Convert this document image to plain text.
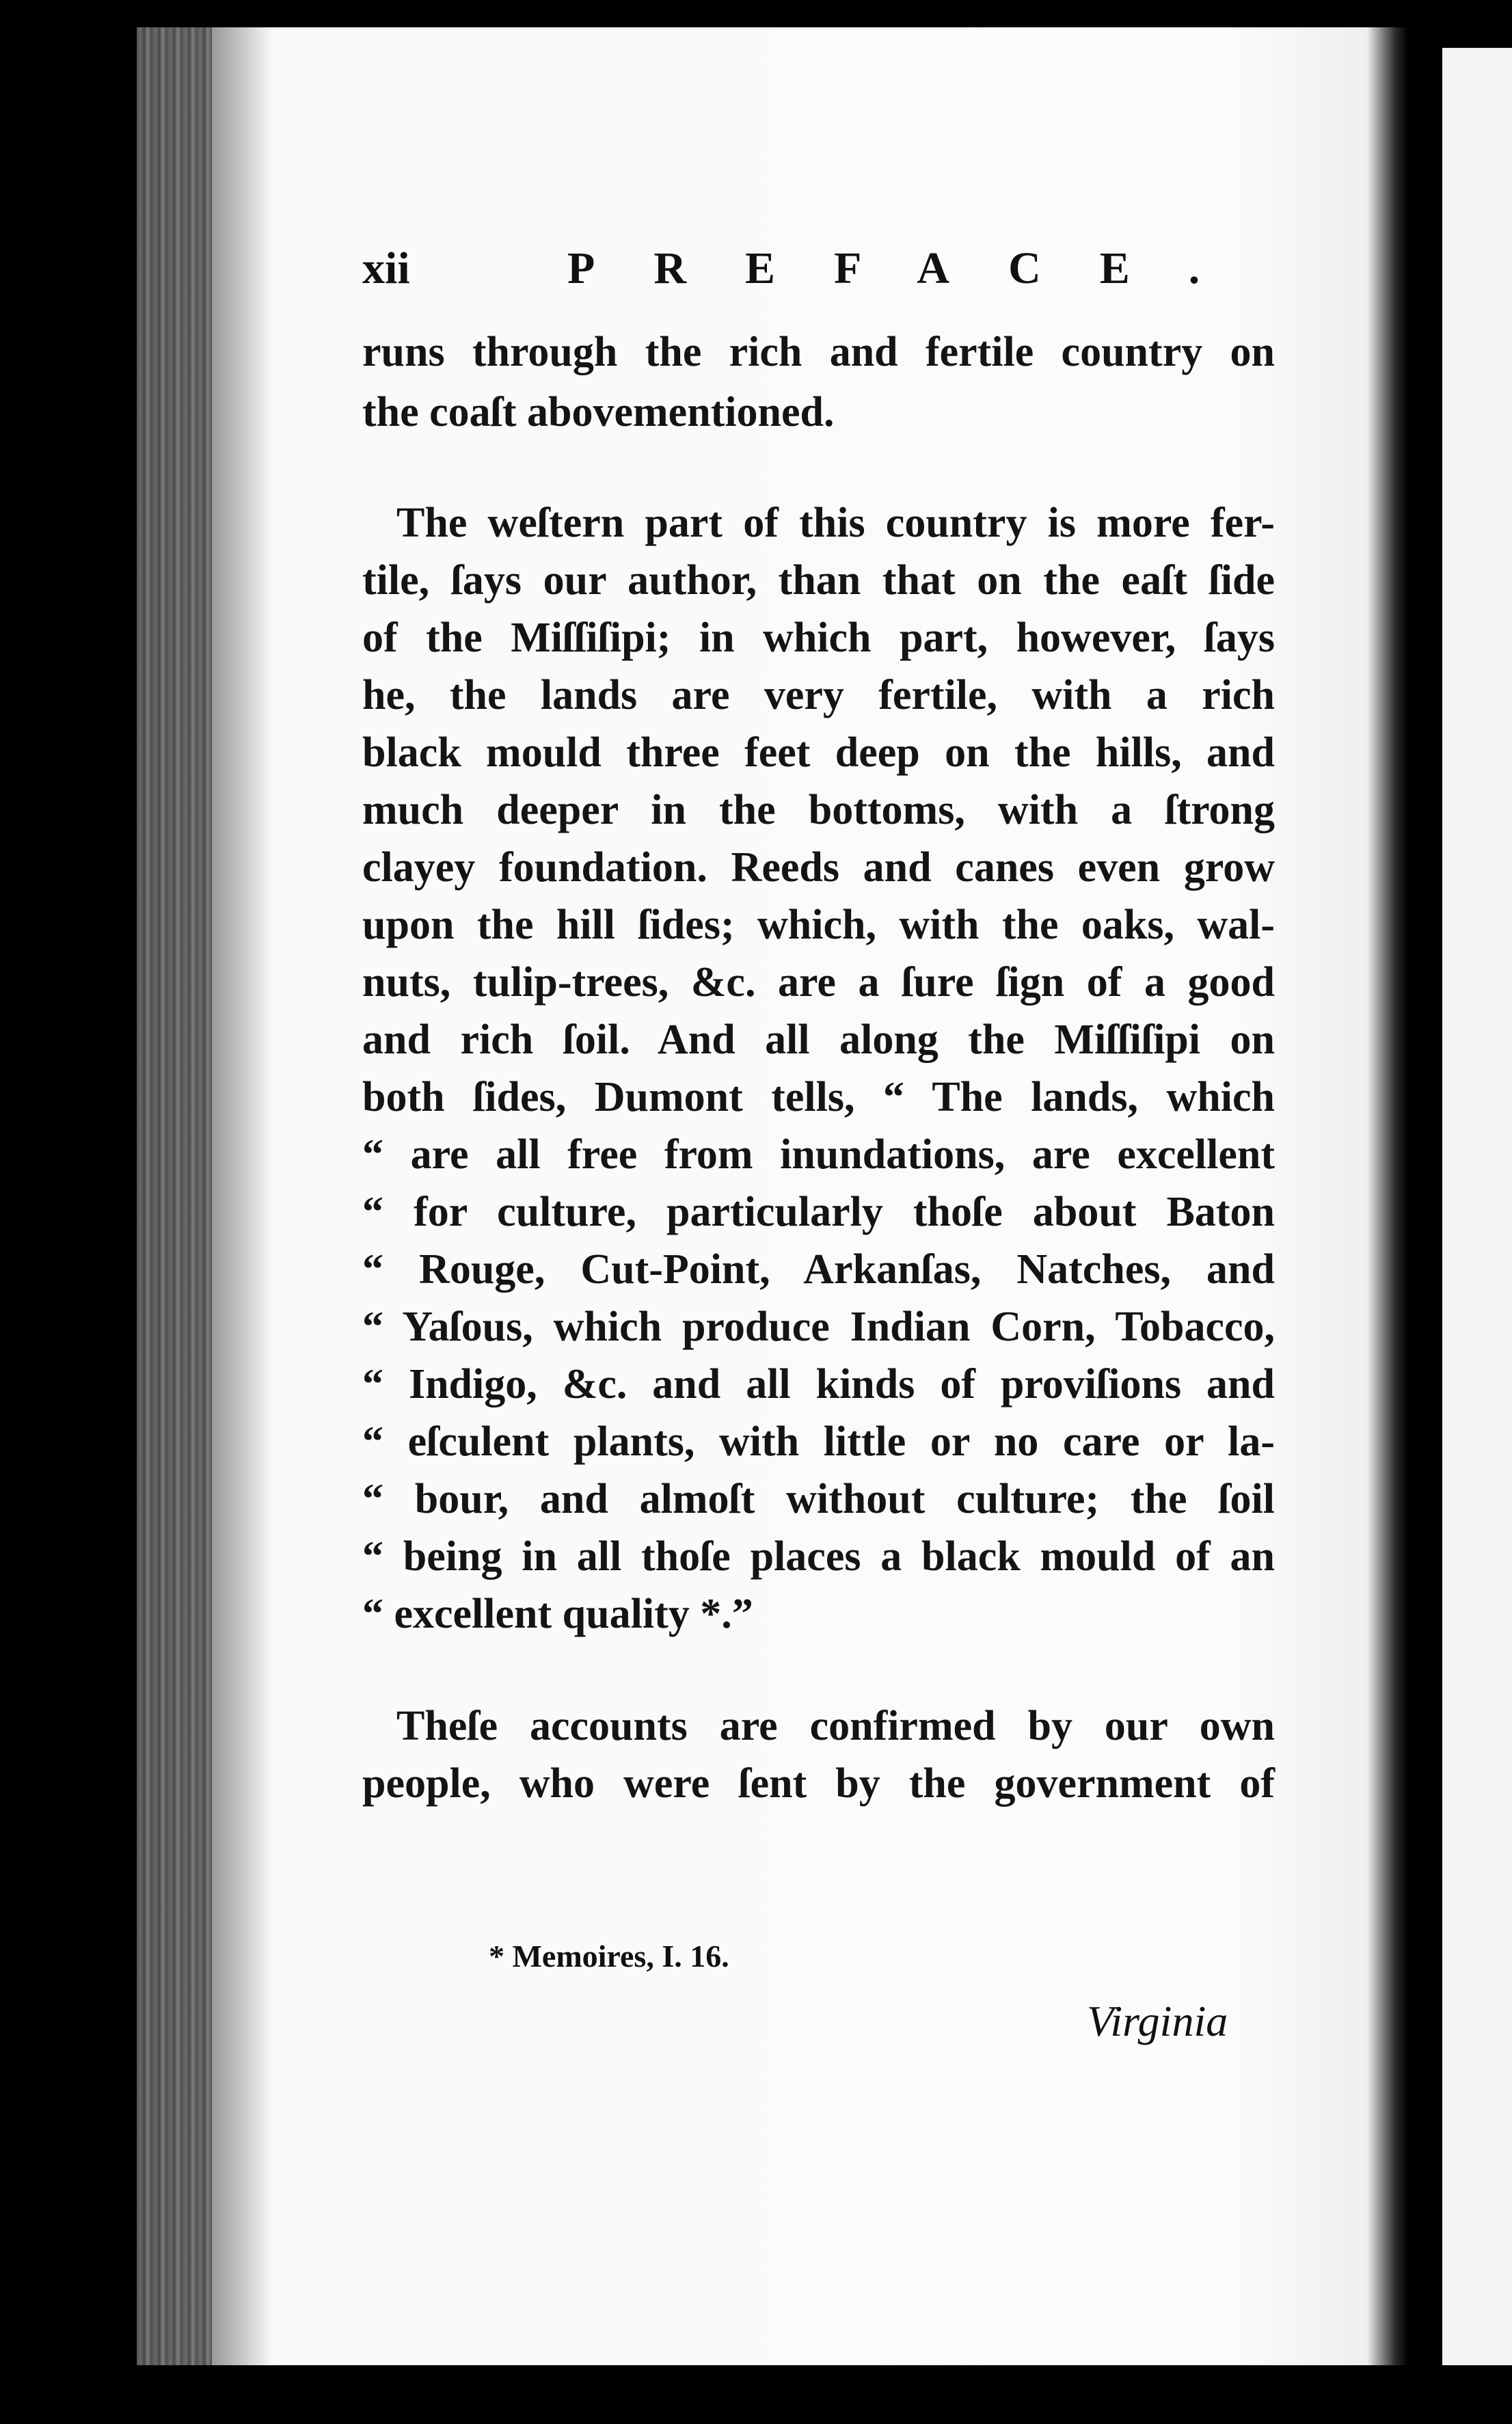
xii	PREFACE.
runs through the rich and fertile country on
the coaſt abovementioned.
The weſtern part of this country is more fer-
tile, ſays our author, than that on the eaſt ſide
of the Miſſiſipi; in which part, however, ſays
he, the lands are very fertile, with a rich
black mould three feet deep on the hills, and
much deeper in the bottoms, with a ſtrong
clayey foundation. Reeds and canes even grow
upon the hill ſides; which, with the oaks, wal-
nuts, tulip-trees, &c. are a ſure ſign of a good
and rich ſoil. And all along the Miſſiſipi on
both ſides, Dumont tells, “ The lands, which
“ are all free from inundations, are excellent
“ for culture, particularly thoſe about Baton
“ Rouge, Cut-Point, Arkanſas, Natches, and
“ Yaſous, which produce Indian Corn, Tobacco,
“ Indigo, &c. and all kinds of proviſions and
“ eſculent plants, with little or no care or la-
“ bour, and almoſt without culture; the ſoil
“ being in all thoſe places a black mould of an
“ excellent quality *.”
Theſe accounts are confirmed by our own
people, who were ſent by the government of
* Memoires, I. 16.
Virginia
